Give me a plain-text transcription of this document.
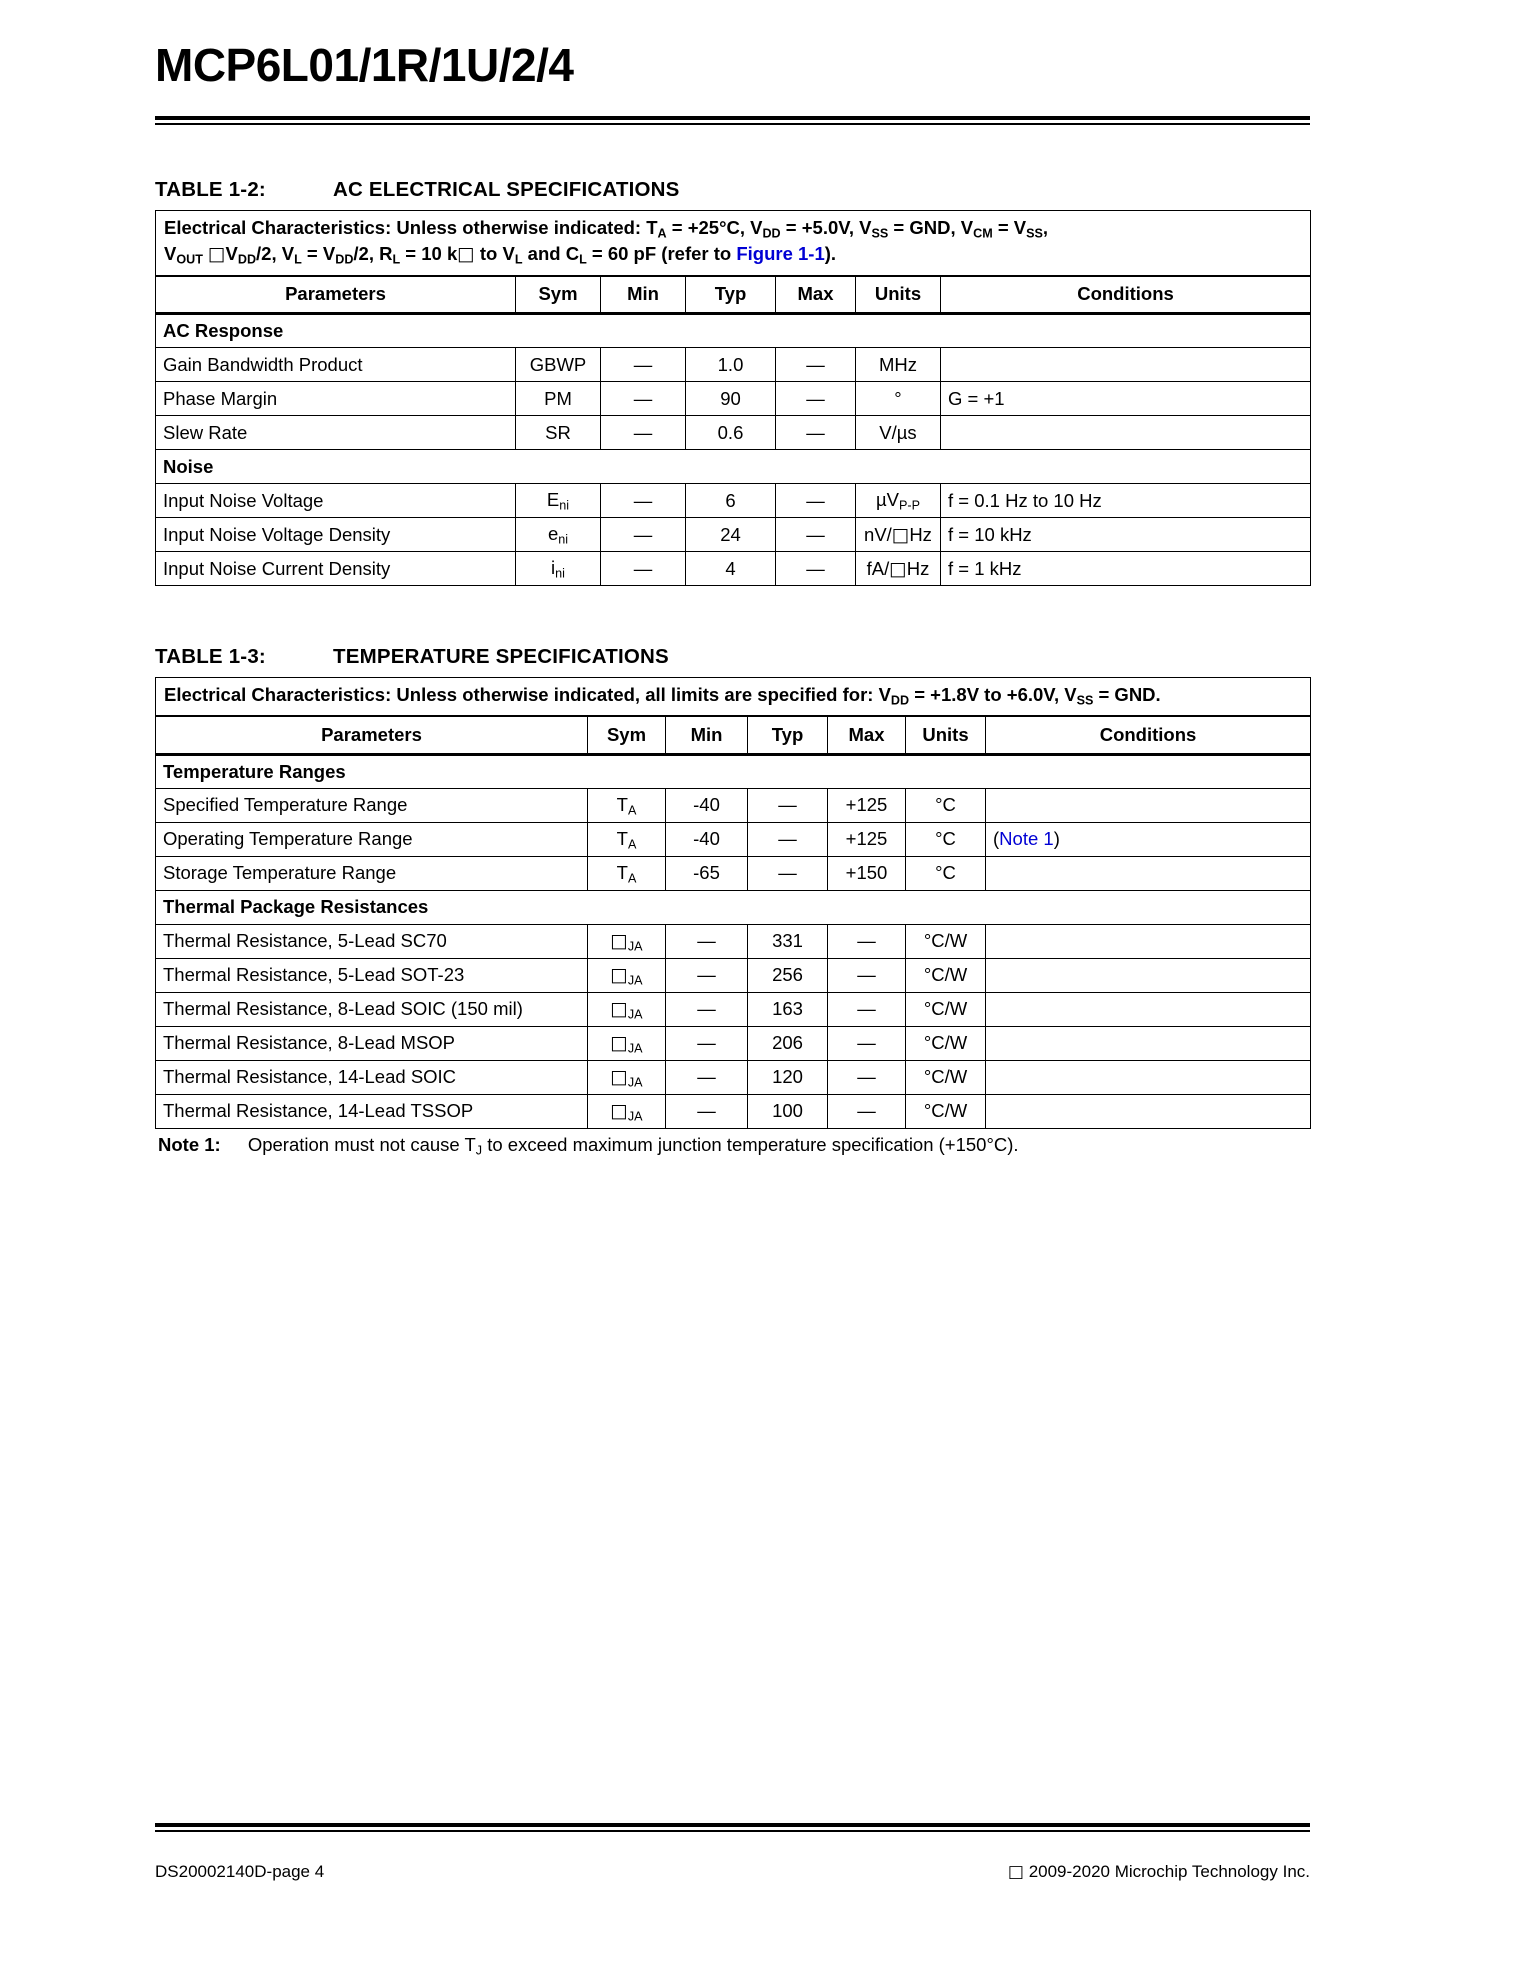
MCP6L01/1R/1U/2/4
TABLE 1-2:	AC ELECTRICAL SPECIFICATIONS
Electrical Characteristics: Unless otherwise indicated: $T_A = +25^\circ C$, $V_{DD} = +5.0V$, $V_{SS}$ = GND, $V_{CM} = V_{SS}$,
$V_{OUT}$ $□V_{DD}/2$, $V_L = V_{DD}/2$, $R_L = 10$ k□ to $V_L$ and $C_L = 60$ pF (refer to Figure 1-1).						
Parameters	Sym	Min	Typ	Max	Units	Conditions
AC Response						
Gain Bandwidth Product	GBWP	—	1.0	—	MHz	
Phase Margin	PM	—	90	—	°	G = +1
Slew Rate	SR	—	0.6	—	V/µs	
Noise						
Input Noise Voltage	$E_{ni}$	—	6	—	µV$_{P-P}$	f = 0.1 Hz to 10 Hz
Input Noise Voltage Density	$e_{ni}$	—	24	—	nV/□Hz	f = 10 kHz
Input Noise Current Density	$i_{ni}$	—	4	—	fA/□Hz	f = 1 kHz
TABLE 1-3:	TEMPERATURE SPECIFICATIONS
Electrical Characteristics: Unless otherwise indicated, all limits are specified for: $V_{DD} = +1.8V$ to +6.0V, $V_{SS}$ = GND.						
Parameters	Sym	Min	Typ	Max	Units	Conditions
Temperature Ranges						
Specified Temperature Range	$T_A$	-40	—	+125	°C	
Operating Temperature Range	$T_A$	-40	—	+125	°C	(Note 1)
Storage Temperature Range	$T_A$	-65	—	+150	°C	
Thermal Package Resistances						
Thermal Resistance, 5-Lead SC70	$□_{JA}$	—	331	—	°C/W	
Thermal Resistance, 5-Lead SOT-23	$□_{JA}$	—	256	—	°C/W	
Thermal Resistance, 8-Lead SOIC (150 mil)	$□_{JA}$	—	163	—	°C/W	
Thermal Resistance, 8-Lead MSOP	$□_{JA}$	—	206	—	°C/W	
Thermal Resistance, 14-Lead SOIC	$□_{JA}$	—	120	—	°C/W	
Thermal Resistance, 14-Lead TSSOP	$□_{JA}$	—	100	—	°C/W	
Note 1: Operation must not cause $T_J$ to exceed maximum junction temperature specification (+150°C).
DS20002140D-page 4	□ 2009-2020 Microchip Technology Inc.
